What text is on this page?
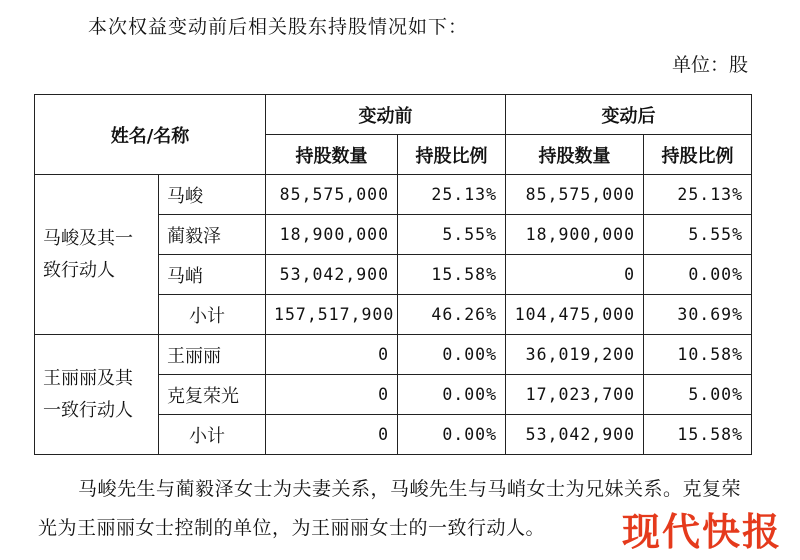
本次权益变动前后相关股东持股情况如下：
单位：股
姓名/名称		变动前		变动后	
		持股数量	持股比例	持股数量	持股比例
马峻及其一致行动人	马峻	85,575,000	25.13%	85,575,000	25.13%
	蔺毅泽	18,900,000	5.55%	18,900,000	5.55%
	马峭	53,042,900	15.58%	0	0.00%
	小计	157,517,900	46.26%	104,475,000	30.69%
王丽丽及其一致行动人	王丽丽	0	0.00%	36,019,200	10.58%
	克复荣光	0	0.00%	17,023,700	5.00%
	小计	0	0.00%	53,042,900	15.58%
马峻先生与蔺毅泽女士为夫妻关系，马峻先生与马峭女士为兄妹关系。克复荣光为王丽丽女士控制的单位，为王丽丽女士的一致行动人。	现代快报
